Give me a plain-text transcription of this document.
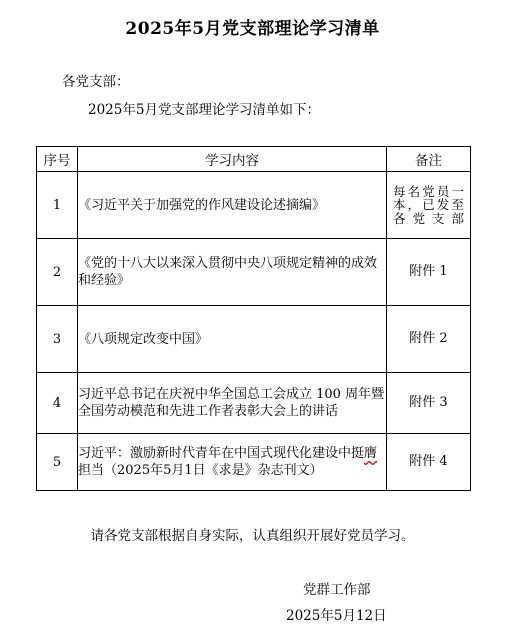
2025年5月党支部理论学习清单
各党支部：
2025年5月党支部理论学习清单如下：
序号	学习内容	备注
1	《习近平关于加强党的作风建设论述摘编》	每名党员一本，已发至各党支部
2	《党的十八大以来深入贯彻中央八项规定精神的成效和经验》	附件 1
3	《八项规定改变中国》	附件 2
4	习近平总书记在庆祝中华全国总工会成立 100 周年暨全国劳动模范和先进工作者表彰大会上的讲话	附件 3
5	习近平：激励新时代青年在中国式现代化建设中挺膺担当（2025年5月1日《求是》杂志刊文）	附件 4
请各党支部根据自身实际，认真组织开展好党员学习。
党群工作部
2025年5月12日
